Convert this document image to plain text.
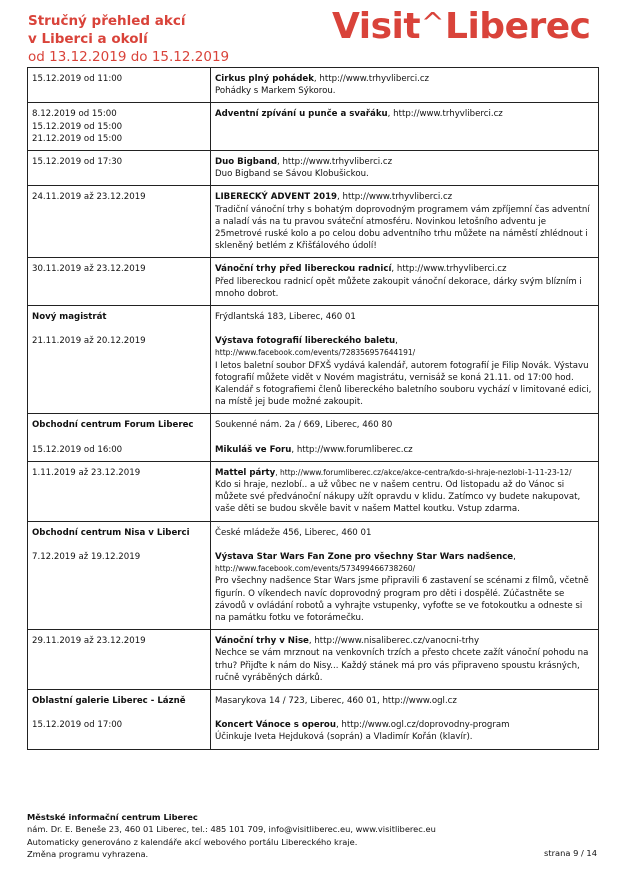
Stručný přehled akcí
v Liberci a okolí
od 13.12.2019 do 15.12.2019
Visit^Liberec
15.12.2019 od 11:00	Cirkus plný pohádek, http://www.trhyvliberci.cz
Pohádky s Markem Sýkorou.

8.12.2019 od 15:00
15.12.2019 od 15:00
21.12.2019 od 15:00	Adventní zpívání u punče a svařáku, http://www.trhyvliberci.cz

15.12.2019 od 17:30	Duo Bigband, http://www.trhyvliberci.cz
Duo Bigband se Sávou Klobušickou.

24.11.2019 až 23.12.2019	LIBERECKÝ ADVENT 2019, http://www.trhyvliberci.cz
Tradiční vánoční trhy s bohatým doprovodným programem vám zpříjemní čas adventní a naladí vás na tu pravou sváteční atmosféru. Novinkou letošního adventu je 25metrové ruské kolo a po celou dobu adventního trhu můžete na náměstí zhlédnout i skleněný betlém z Křišťálového údolí!

30.11.2019 až 23.12.2019	Vánoční trhy před libereckou radnicí, http://www.trhyvliberci.cz
Před libereckou radnicí opět můžete zakoupit vánoční dekorace, dárky svým blízním i mnoho dobrot.

Nový magistrát
21.11.2019 až 20.12.2019	Frýdlantská 183, Liberec, 460 01
Výstava fotografií libereckého baletu,
http://www.facebook.com/events/728356957644191/
I letos baletní soubor DFXŠ vydává kalendář, autorem fotografií je Filip Novák. Výstavu fotografií můžete vidět v Novém magistrátu, vernisáž se koná 21.11. od 17:00 hod. Kalendář s fotografiemi členů libereckého baletního souboru vychází v limitované edici, na místě jej bude možné zakoupit.

Obchodní centrum Forum Liberec
15.12.2019 od 16:00	Soukenné nám. 2a / 669, Liberec, 460 80
Mikuláš ve Foru, http://www.forumliberec.cz

1.11.2019 až 23.12.2019	Mattel párty, http://www.forumliberec.cz/akce/akce-centra/kdo-si-hraje-nezlobi-1-11-23-12/
Kdo si hraje, nezlobí.. a už vůbec ne v našem centru. Od listopadu až do Vánoc si můžete své předvánoční nákupy užít opravdu v klidu. Zatímco vy budete nakupovat, vaše děti se budou skvěle bavit v našem Mattel koutku. Vstup zdarma.

Obchodní centrum Nisa v Liberci
7.12.2019 až 19.12.2019	České mládeže 456, Liberec, 460 01
Výstava Star Wars Fan Zone pro všechny Star Wars nadšence,
http://www.facebook.com/events/573499466738260/
Pro všechny nadšence Star Wars jsme připravili 6 zastavení se scénami z filmů, včetně figurín. O víkendech navíc doprovodný program pro děti i dospělé. Zúčastněte se závodů v ovládání robotů a vyhrajte vstupenky, vyfoťte se ve fotokoutku a odneste si na památku fotku ve fotorámečku.

29.11.2019 až 23.12.2019	Vánoční trhy v Nise, http://www.nisaliberec.cz/vanocni-trhy
Nechce se vám mrznout na venkovních trzích a přesto chcete zažít vánoční pohodu na trhu? Přijďte k nám do Nisy... Každý stánek má pro vás připraveno spoustu krásných, ručně vyráběných dárků.

Oblastní galerie Liberec - Lázně
15.12.2019 od 17:00	Masarykova 14 / 723, Liberec, 460 01, http://www.ogl.cz
Koncert Vánoce s operou, http://www.ogl.cz/doprovodny-program
Účinkuje Iveta Hejduková (soprán) a Vladimír Kořán (klavír).
Městské informační centrum Liberec
nám. Dr. E. Beneše 23, 460 01 Liberec, tel.: 485 101 709, info@visitliberec.eu, www.visitliberec.eu
Automaticky generováno z kalendáře akcí webového portálu Libereckého kraje.
Změna programu vyhrazena.	strana 9 / 14
